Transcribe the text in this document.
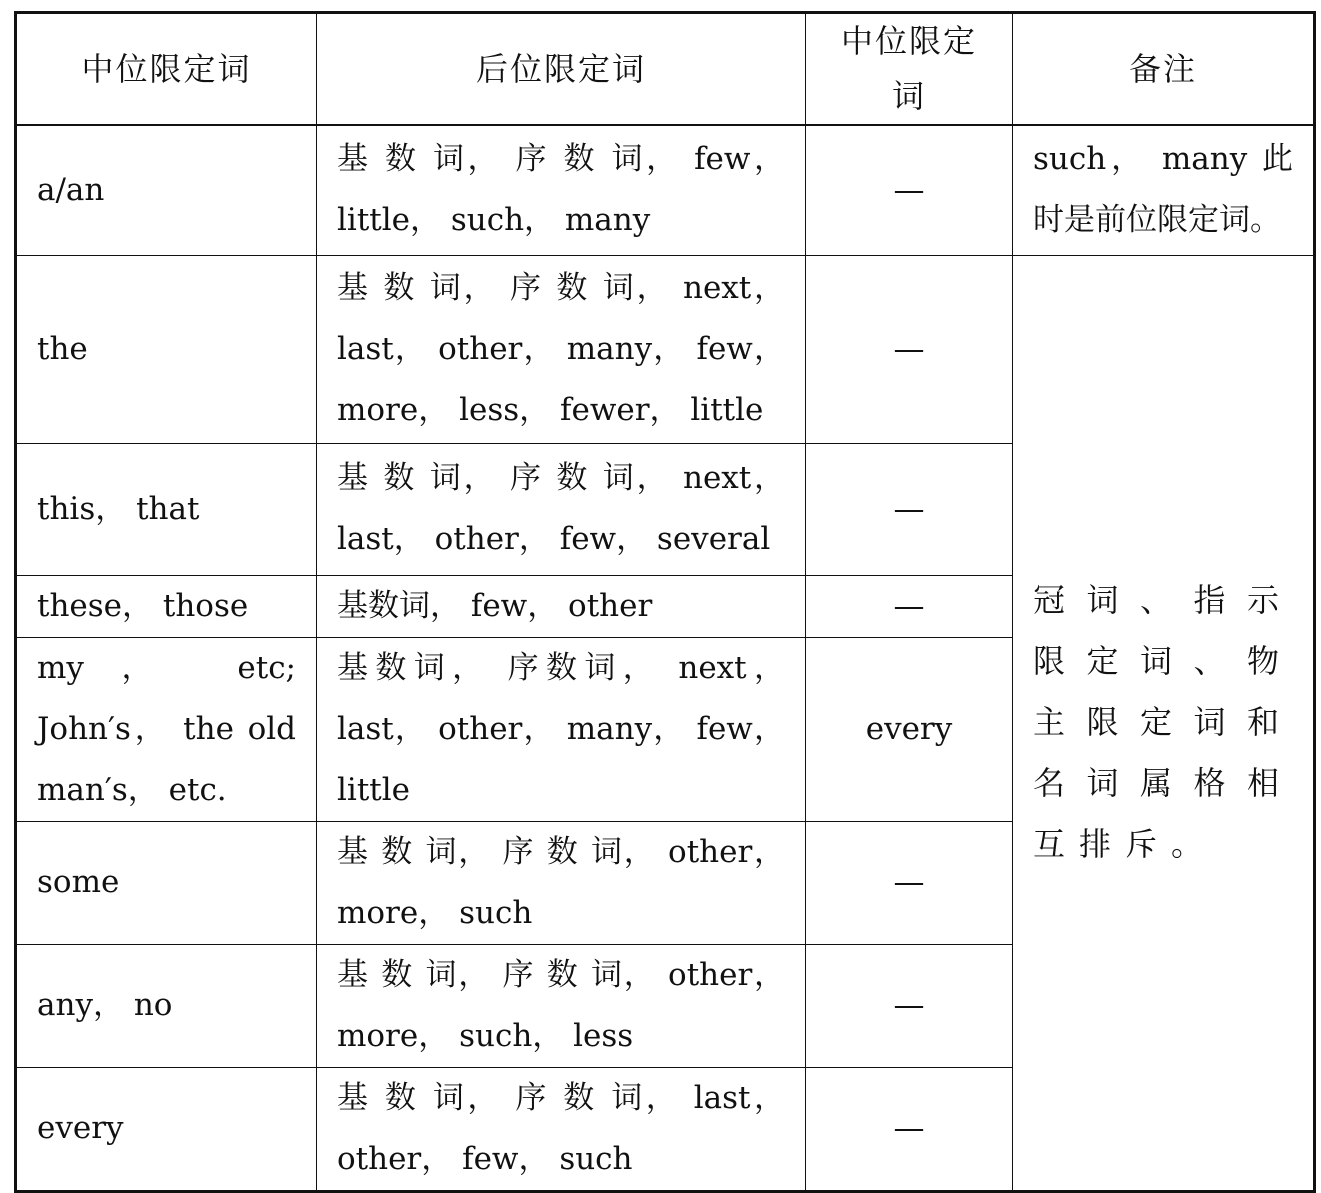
中位限定词	后位限定词	中位限定词	备注
a/an	基 数 词， 序 数 词， few， little， such， many	—	such， many 此时是前位限定词。
the	基 数 词， 序 数 词， next， last， other， many， few， more， less， fewer， little	—	冠词、指示限定词、物主限定词和名词属格相互排斥。
this， that	基 数 词， 序 数 词， next， last， other， few， several	—	
these， those	基数词， few， other	—	
my， etc; John′s， the old man′s， etc.	基数词， 序数词， next， last， other， many， few， little	every	
some	基 数 词， 序 数 词， other， more， such	—	
any， no	基 数 词， 序 数 词， other， more， such， less	—	
every	基 数 词， 序 数 词， last， other， few， such	—	
